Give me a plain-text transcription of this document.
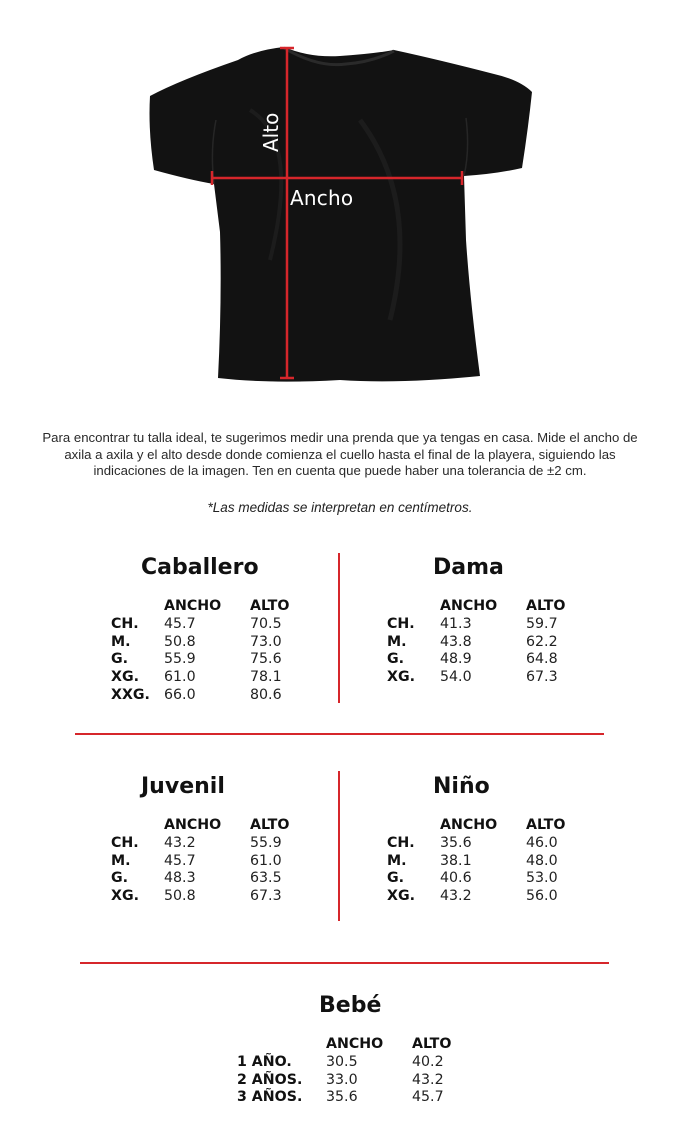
Alto
Ancho
Para encontrar tu talla ideal, te sugerimos medir una prenda que ya tengas en casa. Mide el ancho de axila a axila y el alto desde donde comienza el cuello hasta el final de la playera, siguiendo las indicaciones de la imagen. Ten en cuenta que puede haber una tolerancia de ±2 cm.
*Las medidas se interpretan en centímetros.
Caballero
ANCHO	ALTO
CH.	45.7	70.5
M.	50.8	73.0
G.	55.9	75.6
XG.	61.0	78.1
XXG. 66.0	80.6
Dama
ANCHO	ALTO
CH.	41.3	59.7
M.	43.8	62.2
G.	48.9	64.8
XG.	54.0	67.3
Juvenil
ANCHO	ALTO
CH.	43.2	55.9
M.	45.7	61.0
G.	48.3	63.5
XG.	50.8	67.3
Niño
ANCHO	ALTO
CH.	35.6	46.0
M.	38.1	48.0
G.	40.6	53.0
XG.	43.2	56.0
Bebé
ANCHO	ALTO
1 AÑO.	30.5	40.2
2 AÑOS.	33.0	43.2
3 AÑOS.	35.6	45.7
